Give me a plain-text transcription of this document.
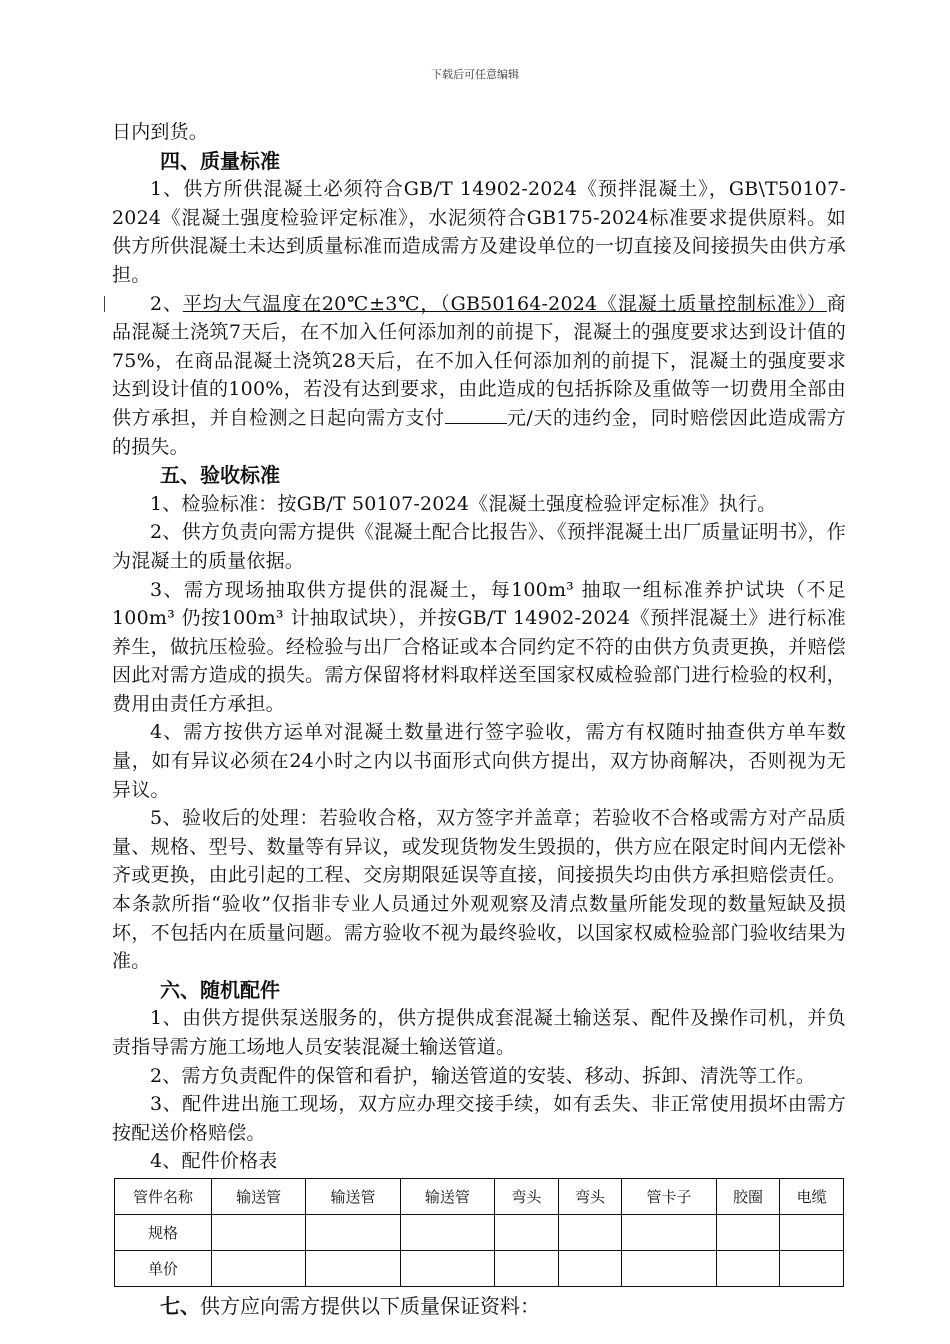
下载后可任意编辑

日内到货。

四、质量标准

1、供方所供混凝土必须符合GB/T 14902-2024《预拌混凝土》，GB\T50107-2024《混凝土强度检验评定标准》，水泥须符合GB175-2024标准要求提供原料。如供方所供混凝土未达到质量标准而造成需方及建设单位的一切直接及间接损失由供方承担。

2、平均大气温度在20℃±3℃，（GB50164-2024《混凝土质量控制标准》）商品混凝土浇筑7天后，在不加入任何添加剂的前提下，混凝土的强度要求达到设计值的75%，在商品混凝土浇筑28天后，在不加入任何添加剂的前提下，混凝土的强度要求达到设计值的100%，若没有达到要求，由此造成的包括拆除及重做等一切费用全部由供方承担，并自检测之日起向需方支付	元/天的违约金，同时赔偿因此造成需方的损失。

五、验收标准

1、检验标准：按GB/T 50107-2024《混凝土强度检验评定标准》执行。

2、供方负责向需方提供《混凝土配合比报告》、《预拌混凝土出厂质量证明书》，作为混凝土的质量依据。

3、需方现场抽取供方提供的混凝土，每100m³ 抽取一组标准养护试块（不足100m³ 仍按100m³ 计抽取试块），并按GB/T 14902-2024《预拌混凝土》进行标准养生，做抗压检验。经检验与出厂合格证或本合同约定不符的由供方负责更换，并赔偿因此对需方造成的损失。需方保留将材料取样送至国家权威检验部门进行检验的权利，费用由责任方承担。

4、需方按供方运单对混凝土数量进行签字验收，需方有权随时抽查供方单车数量，如有异议必须在24小时之内以书面形式向供方提出，双方协商解决，否则视为无异议。

5、验收后的处理：若验收合格，双方签字并盖章；若验收不合格或需方对产品质量、规格、型号、数量等有异议，或发现货物发生毁损的，供方应在限定时间内无偿补齐或更换，由此引起的工程、交房期限延误等直接，间接损失均由供方承担赔偿责任。本条款所指“验收”仅指非专业人员通过外观观察及清点数量所能发现的数量短缺及损坏，不包括内在质量问题。需方验收不视为最终验收，以国家权威检验部门验收结果为准。

六、随机配件

1、由供方提供泵送服务的，供方提供成套混凝土输送泵、配件及操作司机，并负责指导需方施工场地人员安装混凝土输送管道。

2、需方负责配件的保管和看护，输送管道的安装、移动、拆卸、清洗等工作。

3、配件进出施工现场，双方应办理交接手续，如有丢失、非正常使用损坏由需方按配送价格赔偿。

4、配件价格表

管件名称	输送管	输送管	输送管	弯头	弯头	管卡子	胶圈	电缆
规格								
单价								

七、供方应向需方提供以下质量保证资料：
